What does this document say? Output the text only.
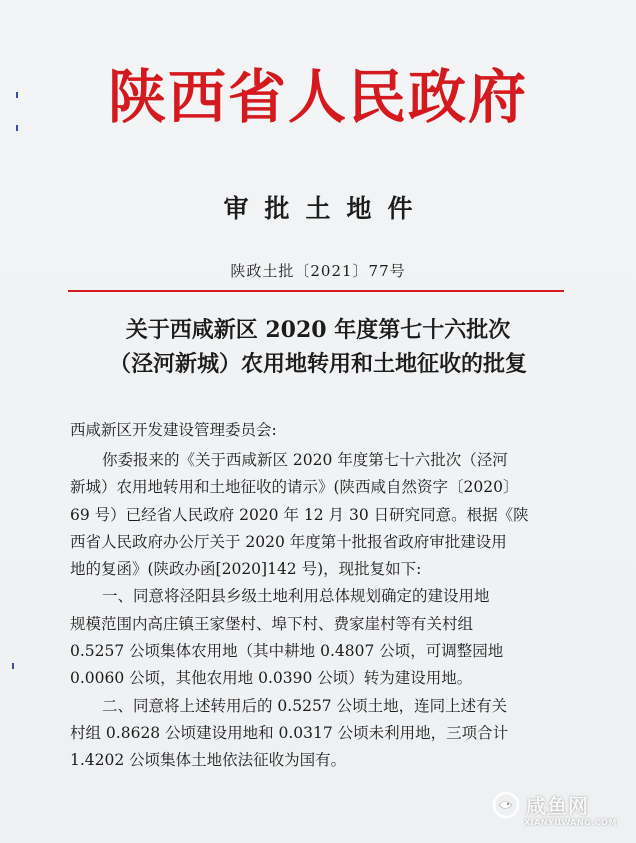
陕西省人民政府
审批土地件
陕政土批〔2021〕77号
关于西咸新区 2020 年度第七十六批次
（泾河新城）农用地转用和土地征收的批复
西咸新区开发建设管理委员会:
你委报来的《关于西咸新区 2020 年度第七十六批次（泾河
新城）农用地转用和土地征收的请示》(陕西咸自然资字〔2020〕
69 号）已经省人民政府 2020 年 12 月 30 日研究同意。根据《陕
西省人民政府办公厅关于 2020 年度第十批报省政府审批建设用
地的复函》(陕政办函[2020]142 号)，现批复如下:
一、同意将泾阳县乡级土地利用总体规划确定的建设用地
规模范围内高庄镇王家堡村、埠下村、费家崖村等有关村组
0.5257 公顷集体农用地（其中耕地 0.4807 公顷，可调整园地
0.0060 公顷，其他农用地 0.0390 公顷）转为建设用地。
二、同意将上述转用后的 0.5257 公顷土地，连同上述有关
村组 0.8628 公顷建设用地和 0.0317 公顷未利用地，三项合计
1.4202 公顷集体土地依法征收为国有。
咸鱼网
XIANYUWANG.COM
